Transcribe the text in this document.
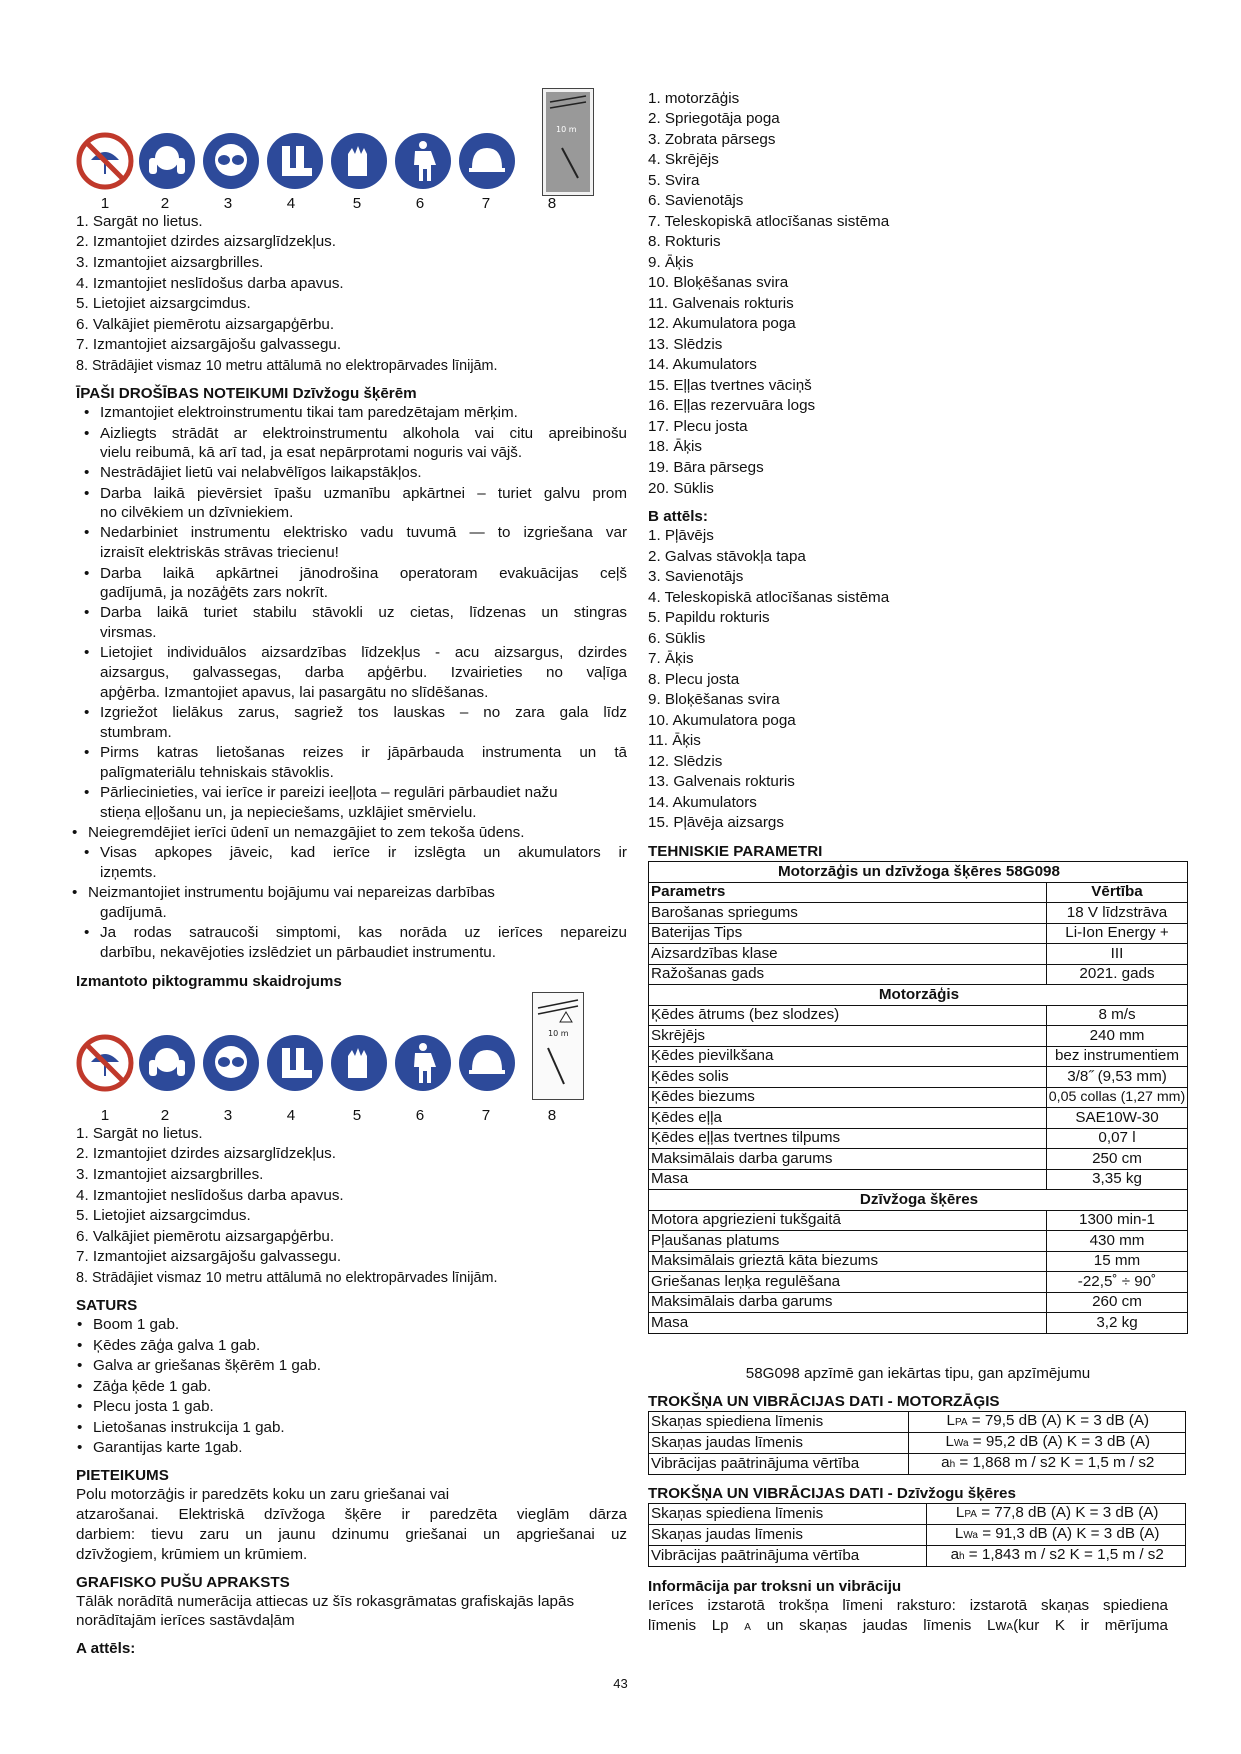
10 m
1	2	3	4	5	6	7	8
1. Sargāt no lietus.
2. Izmantojiet dzirdes aizsarglīdzekļus.
3. Izmantojiet aizsargbrilles.
4. Izmantojiet neslīdošus darba apavus.
5. Lietojiet aizsargcimdus.
6. Valkājiet piemērotu aizsargapģērbu.
7. Izmantojiet aizsargājošu galvassegu.
8. Strādājiet vismaz 10 metru attālumā no elektropārvades līnijām.
ĪPAŠI DROŠĪBAS NOTEIKUMI Dzīvžogu šķērēm
• Izmantojiet elektroinstrumentu tikai tam paredzētajam mērķim.
• Aizliegts strādāt ar elektroinstrumentu alkohola vai citu apreibinošu
vielu reibumā, kā arī tad, ja esat nepārprotami noguris vai vājš.
• Nestrādājiet lietū vai nelabvēlīgos laikapstākļos.
• Darba laikā pievērsiet īpašu uzmanību apkārtnei – turiet galvu prom
no cilvēkiem un dzīvniekiem.
• Nedarbiniet instrumentu elektrisko vadu tuvumā — to izgriešana var
izraisīt elektriskās strāvas triecienu!
• Darba laikā apkārtnei jānodrošina operatoram evakuācijas ceļš
gadījumā, ja nozāģēts zars nokrīt.
• Darba laikā turiet stabilu stāvokli uz cietas, līdzenas un stingras
virsmas.
• Lietojiet individuālos aizsardzības līdzekļus - acu aizsargus, dzirdes
aizsargus, galvassegas, darba apģērbu. Izvairieties no vaļīga
apģērba. Izmantojiet apavus, lai pasargātu no slīdēšanas.
• Izgriežot lielākus zarus, sagriež tos lauskas – no zara gala līdz
stumbram.
• Pirms katras lietošanas reizes ir jāpārbauda instrumenta un tā
palīgmateriālu tehniskais stāvoklis.
• Pārliecinieties, vai ierīce ir pareizi ieeļļota – regulāri pārbaudiet nažu
stieņa eļļošanu un, ja nepieciešams, uzklājiet smērvielu.
• Neiegremdējiet ierīci ūdenī un nemazgājiet to zem tekoša ūdens.
• Visas apkopes jāveic, kad ierīce ir izslēgta un akumulators ir
izņemts.
• Neizmantojiet instrumentu bojājumu vai nepareizas darbības
gadījumā.
• Ja rodas satraucoši simptomi, kas norāda uz ierīces nepareizu
darbību, nekavējoties izslēdziet un pārbaudiet instrumentu.
Izmantoto piktogrammu skaidrojums
10 m
1	2	3	4	5	6	7	8
1. Sargāt no lietus.
2. Izmantojiet dzirdes aizsarglīdzekļus.
3. Izmantojiet aizsargbrilles.
4. Izmantojiet neslīdošus darba apavus.
5. Lietojiet aizsargcimdus.
6. Valkājiet piemērotu aizsargapģērbu.
7. Izmantojiet aizsargājošu galvassegu.
8. Strādājiet vismaz 10 metru attālumā no elektropārvades līnijām.
SATURS
• Boom 1 gab.
• Ķēdes zāģa galva 1 gab.
• Galva ar griešanas šķērēm 1 gab.
• Zāģa ķēde 1 gab.
• Plecu josta 1 gab.
• Lietošanas instrukcija 1 gab.
• Garantijas karte 1gab.
PIETEIKUMS
Polu motorzāģis ir paredzēts koku un zaru griešanai vai
atzarošanai. Elektriskā dzīvžoga šķēre ir paredzēta vieglām dārza
darbiem: tievu zaru un jaunu dzinumu griešanai un apgriešanai uz
dzīvžogiem, krūmiem un krūmiem.
GRAFISKO PUŠU APRAKSTS
Tālāk norādītā numerācija attiecas uz šīs rokasgrāmatas grafiskajās lapās
norādītajām ierīces sastāvdaļām
A attēls:
1. motorzāģis
2. Spriegotāja poga
3. Zobrata pārsegs
4. Skrējējs
5. Svira
6. Savienotājs
7. Teleskopiskā atlocīšanas sistēma
8. Rokturis
9. Āķis
10. Bloķēšanas svira
11. Galvenais rokturis
12. Akumulatora poga
13. Slēdzis
14. Akumulators
15. Eļļas tvertnes vāciņš
16. Eļļas rezervuāra logs
17. Plecu josta
18. Āķis
19. Bāra pārsegs
20. Sūklis
B attēls:
1. Pļāvējs
2. Galvas stāvokļa tapa
3. Savienotājs
4. Teleskopiskā atlocīšanas sistēma
5. Papildu rokturis
6. Sūklis
7. Āķis
8. Plecu josta
9. Bloķēšanas svira
10. Akumulatora poga
11. Āķis
12. Slēdzis
13. Galvenais rokturis
14. Akumulators
15. Pļāvēja aizsargs
TEHNISKIE PARAMETRI
Motorzāģis un dzīvžoga šķēres 58G098	
Parametrs	Vērtība
Barošanas spriegums	18 V līdzstrāva
Baterijas Tips	Li-Ion Energy +
Aizsardzības klase	III
Ražošanas gads	2021. gads
Motorzāģis	
Ķēdes ātrums (bez slodzes)	8 m/s
Skrējējs	240 mm
Ķēdes pievilkšana	bez instrumentiem
Ķēdes solis	3/8˝ (9,53 mm)
Ķēdes biezums	0,05 collas (1,27 mm)
Ķēdes eļļa	SAE10W-30
Ķēdes eļļas tvertnes tilpums	0,07 l
Maksimālais darba garums	250 cm
Masa	3,35 kg
Dzīvžoga šķēres	
Motora apgriezieni tukšgaitā	1300 min-1
Pļaušanas platums	430 mm
Maksimālais grieztā kāta biezums	15 mm
Griešanas leņķa regulēšana	-22,5˚ ÷ 90˚
Maksimālais darba garums	260 cm
Masa	3,2 kg
58G098 apzīmē gan iekārtas tipu, gan apzīmējumu
TROKŠŅA UN VIBRĀCIJAS DATI - MOTORZĀĢIS
Skaņas spiediena līmenis	LPA = 79,5 dB (A) K = 3 dB (A)
Skaņas jaudas līmenis	LWa = 95,2 dB (A) K = 3 dB (A)
Vibrācijas paātrinājuma vērtība	ah = 1,868 m / s2 K = 1,5 m / s2
TROKŠŅA UN VIBRĀCIJAS DATI - Dzīvžogu šķēres
Skaņas spiediena līmenis	LPA = 77,8 dB (A) K = 3 dB (A)
Skaņas jaudas līmenis	LWa = 91,3 dB (A) K = 3 dB (A)
Vibrācijas paātrinājuma vērtība	ah = 1,843 m / s2 K = 1,5 m / s2
Informācija par troksni un vibrāciju
Ierīces izstarotā trokšņa līmeni raksturo: izstarotā skaņas spiediena
līmenis Lp A un skaņas jaudas līmenis LwA(kur K ir mērījuma
43
